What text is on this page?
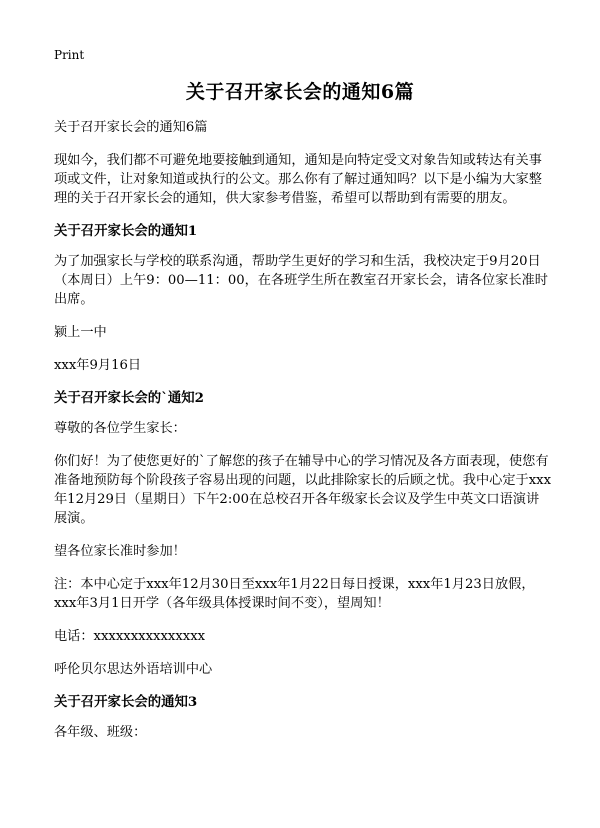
Print
关于召开家长会的通知6篇

关于召开家长会的通知6篇

现如今，我们都不可避免地要接触到通知，通知是向特定受文对象告知或转达有关事项或文件，让对象知道或执行的公文。那么你有了解过通知吗？以下是小编为大家整理的关于召开家长会的通知，供大家参考借鉴，希望可以帮助到有需要的朋友。

关于召开家长会的通知1

为了加强家长与学校的联系沟通，帮助学生更好的学习和生活，我校决定于9月20日（本周日）上午9：00—11：00，在各班学生所在教室召开家长会，请各位家长准时出席。

颍上一中

xxx年9月16日

关于召开家长会的`通知2

尊敬的各位学生家长：

你们好！为了使您更好的`了解您的孩子在辅导中心的学习情况及各方面表现，使您有准备地预防每个阶段孩子容易出现的问题，以此排除家长的后顾之忧。我中心定于xxx年12月29日（星期日）下午2:00在总校召开各年级家长会议及学生中英文口语演讲展演。

望各位家长准时参加！

注：本中心定于xxx年12月30日至xxx年1月22日每日授课，xxx年1月23日放假，xxx年3月1日开学（各年级具体授课时间不变），望周知！

电话：xxxxxxxxxxxxxxx

呼伦贝尔思达外语培训中心

关于召开家长会的通知3

各年级、班级：
